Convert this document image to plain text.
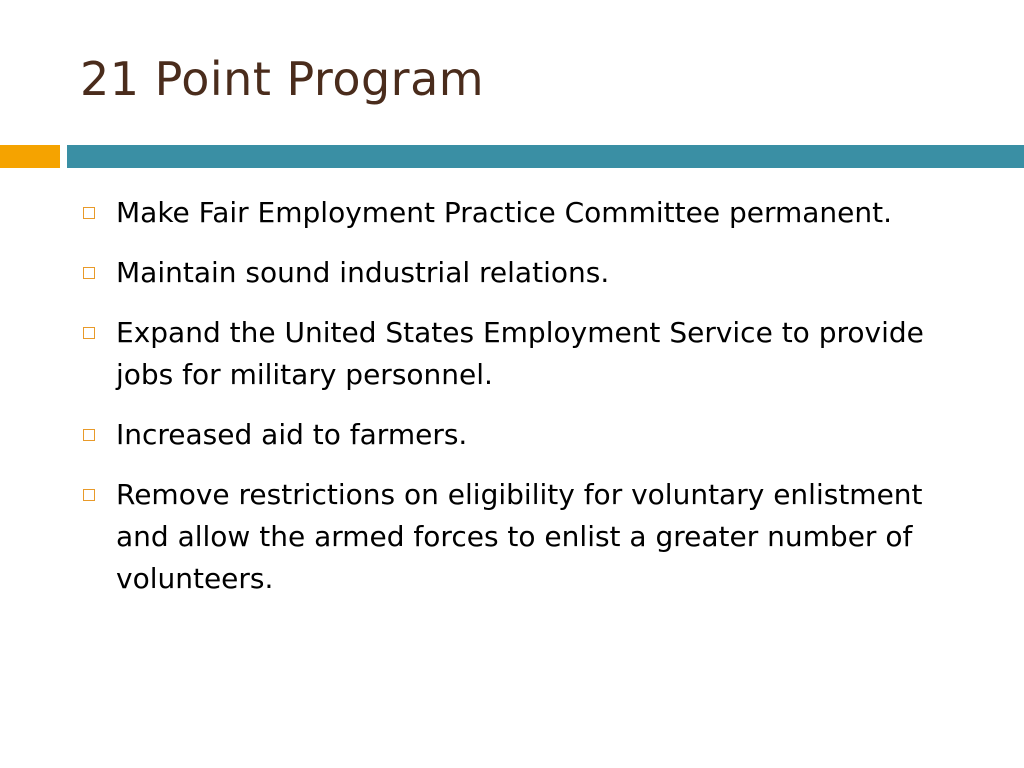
21 Point Program
Make Fair Employment Practice Committee permanent.
Maintain sound industrial relations.
Expand the United States Employment Service to provide jobs for military personnel.
Increased aid to farmers.
Remove restrictions on eligibility for voluntary enlistment and allow the armed forces to enlist a greater number of volunteers.
